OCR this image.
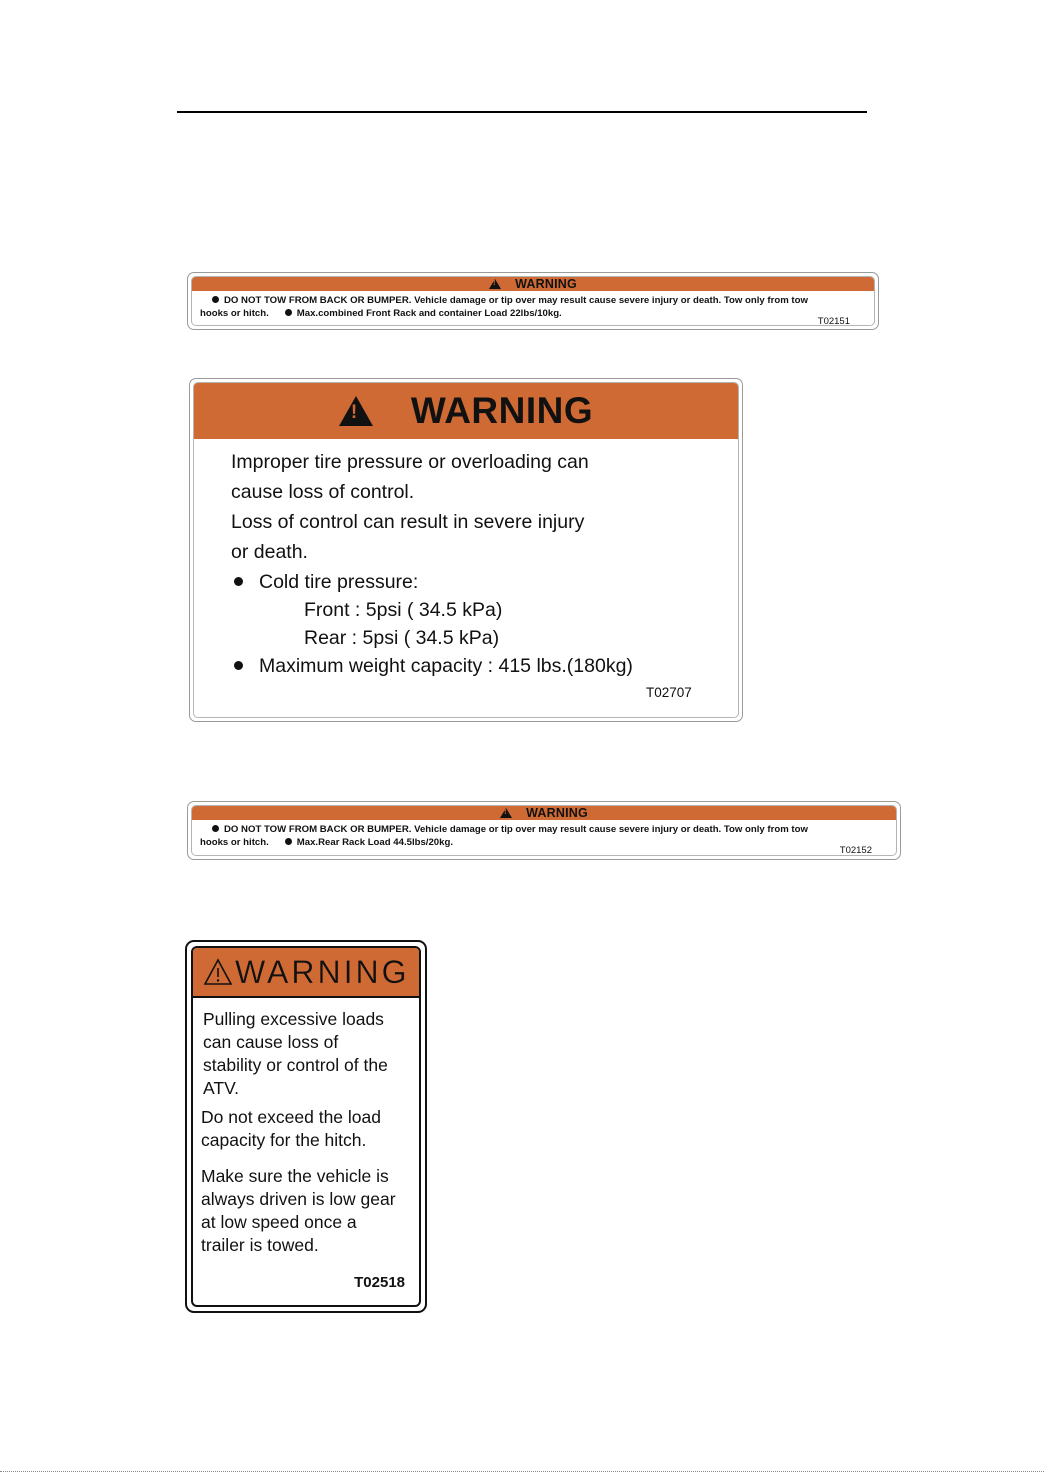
!
WARNING
DO NOT TOW FROM BACK OR BUMPER. Vehicle damage or tip over may result cause severe injury or death. Tow only from tow
hooks or hitch.	Max.combined Front Rack and container Load 22lbs/10kg.
T02151
!
WARNING
Improper tire pressure or overloading can
cause loss of control.
Loss of control can result in severe injury
or death.
Cold tire pressure:
Front : 5psi ( 34.5 kPa)
Rear : 5psi ( 34.5 kPa)
Maximum weight capacity : 415 lbs.(180kg)
T02707
!
WARNING
DO NOT TOW FROM BACK OR BUMPER. Vehicle damage or tip over may result cause severe injury or death. Tow only from tow
hooks or hitch.	Max.Rear Rack Load 44.5lbs/20kg.
T02152
WARNING
Pulling excessive loads
can cause loss of
stability or control of the
ATV.
Do not exceed the load
capacity for the hitch.
Make sure the vehicle is
always driven is low gear
at low speed once a
trailer is towed.
T02518
